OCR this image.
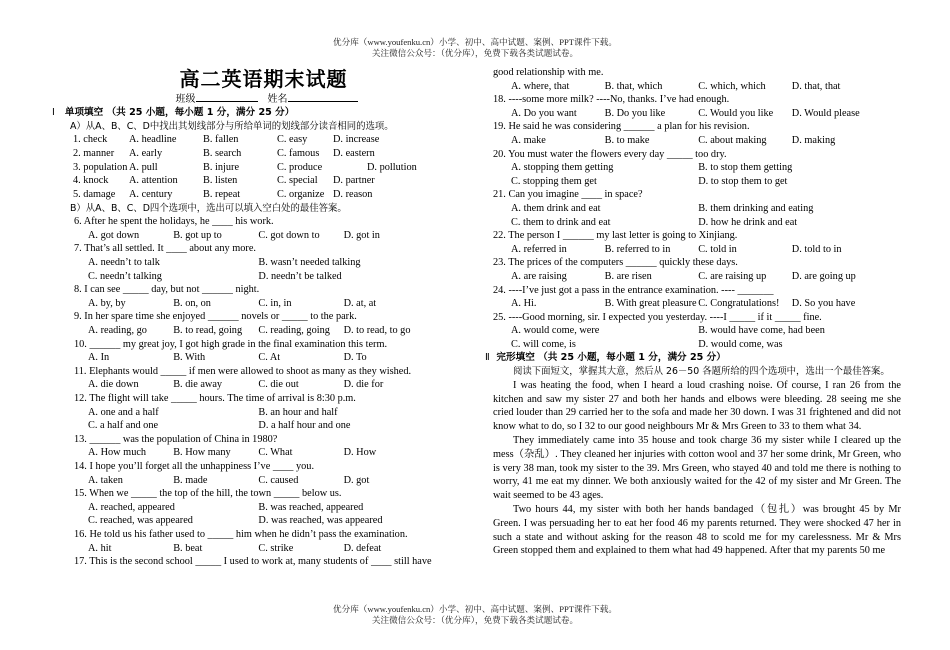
优分库（www.youfenku.cn）小学、初中、高中试题、案例、PPT课件下载。
关注微信公众号：（优分库），免费下载各类试题试卷。
高二英语期末试题
班级	姓名
Ⅰ 单项填空 （共 25 小题，每小题 1 分，满分 25 分）
A）从A、B、C、D中找出其划线部分与所给单词的划线部分读音相同的选项。
1. check	A. headline	B. fallen	C. easy	D. increase
2. manner	A. early	B. search	C. famous	D. eastern
3. population A. pull	B. injure	C. produce	D. pollution
4. knock	A. attention	B. listen	C. special	D. partner
5. damage	A. century	B. repeat	C. organize D. reason
B）从A、B、C、D四个选项中，选出可以填入空白处的最佳答案。
6. After he spent the holidays, he ____ his work.
A. got down	B. got up to	C. got down to	D. got in
7. That’s all settled. It ____ about any more.
A. needn’t to talk	B. wasn’t needed talking
C. needn’t talking	D. needn’t be talked
8. I can see _____ day, but not ______ night.
A. by, by	B. on, on	C. in, in	D. at, at
9. In her spare time she enjoyed ______ novels or _____ to the park.
A. reading, go	B. to read, going	C. reading, going	D. to read, to go
10. ______ my great joy, I got high grade in the final examination this term.
A. In	B. With	C. At	D. To
11. Elephants would _____ if men were allowed to shoot as many as they wished.
A. die down	B. die away	C. die out	D. die for
12. The flight will take _____ hours. The time of arrival is 8:30 p.m.
A. one and a half	B. an hour and half
C. a half and one	D. a half hour and one
13. ______ was the population of China in 1980?
A. How much	B. How many	C. What	D. How
14. I hope you’ll forget all the unhappiness I’ve ____ you.
A. taken	B. made	C. caused	D. got
15. When we _____ the top of the hill, the town _____ below us.
A. reached, appeared	B. was reached, appeared
C. reached, was appeared	D. was reached, was appeared
16. He told us his father used to _____ him when he didn’t pass the examination.
A. hit	B. beat	C. strike	D. defeat
17. This is the second school _____ I used to work at, many students of ____ still have
good relationship with me.
A. where, that	B. that, which	C. which, which	D. that, that
18. ----some more milk? ----No, thanks. I’ve had enough.
A. Do you want	B. Do you like	C. Would you like	D. Would please
19. He said he was considering ______ a plan for his revision.
A. make	B. to make	C. about making	D. making
20. You must water the flowers every day _____ too dry.
A. stopping them getting	B. to stop them getting
C. stopping them get	D. to stop them to get
21. Can you imagine ____ in space?
A. them drink and eat	B. them drinking and eating
C. them to drink and eat	D. how he drink and eat
22. The person I ______ my last letter is going to Xinjiang.
A. referred in	B. referred to in	C. told in	D. told to in
23. The prices of the computers ______ quickly these days.
A. are raising	B. are risen	C. are raising up	D. are going up
24. ----I’ve just got a pass in the entrance examination. ---- _______
A. Hi.	B. With great pleasure C. Congratulations!	D. So you have
25. ----Good morning, sir. I expected you yesterday. ----I _____ if it _____ fine.
A. would come, were	B. would have come, had been
C. will come, is	D. would come, was
Ⅱ 完形填空 （共 25 小题，每小题 1 分，满分 25 分）
阅读下面短文，掌握其大意，然后从 26－50 各题所给的四个选项中，选出一个最佳答案。
I was heating the food, when I heard a loud crashing noise. Of course, I ran 26 from the kitchen and saw my sister 27 and both her hands and elbows were bleeding. 28 seeing me she cried louder than 29 carried her to the sofa and made her 30 down. I was 31 frightened and did not know what to do, so I 32 to our good neighbours Mr & Mrs Green to 33 to them what 34.
They immediately came into 35 house and took charge 36 my sister while I cleared up the mess（杂乱）. They cleaned her injuries with cotton wool and 37 her some drink, Mr Green, who is very 38 man, took my sister to the 39. Mrs Green, who stayed 40 and told me there is nothing to worry, 41 me eat my dinner. We both anxiously waited for the 42 of my sister and Mr Green. The wait seemed to be 43 ages.
Two hours 44, my sister with both her hands bandaged（包扎）was brought 45 by Mr Green. I was persuading her to eat her food 46 my parents returned. They were shocked 47 her in such a state and without asking for the reason 48 to scold me for my carelessness. Mr & Mrs Green stopped them and explained to them what had 49 happened. After that my parents 50 me
优分库（www.youfenku.cn）小学、初中、高中试题、案例、PPT课件下载。
关注微信公众号：（优分库），免费下载各类试题试卷。
